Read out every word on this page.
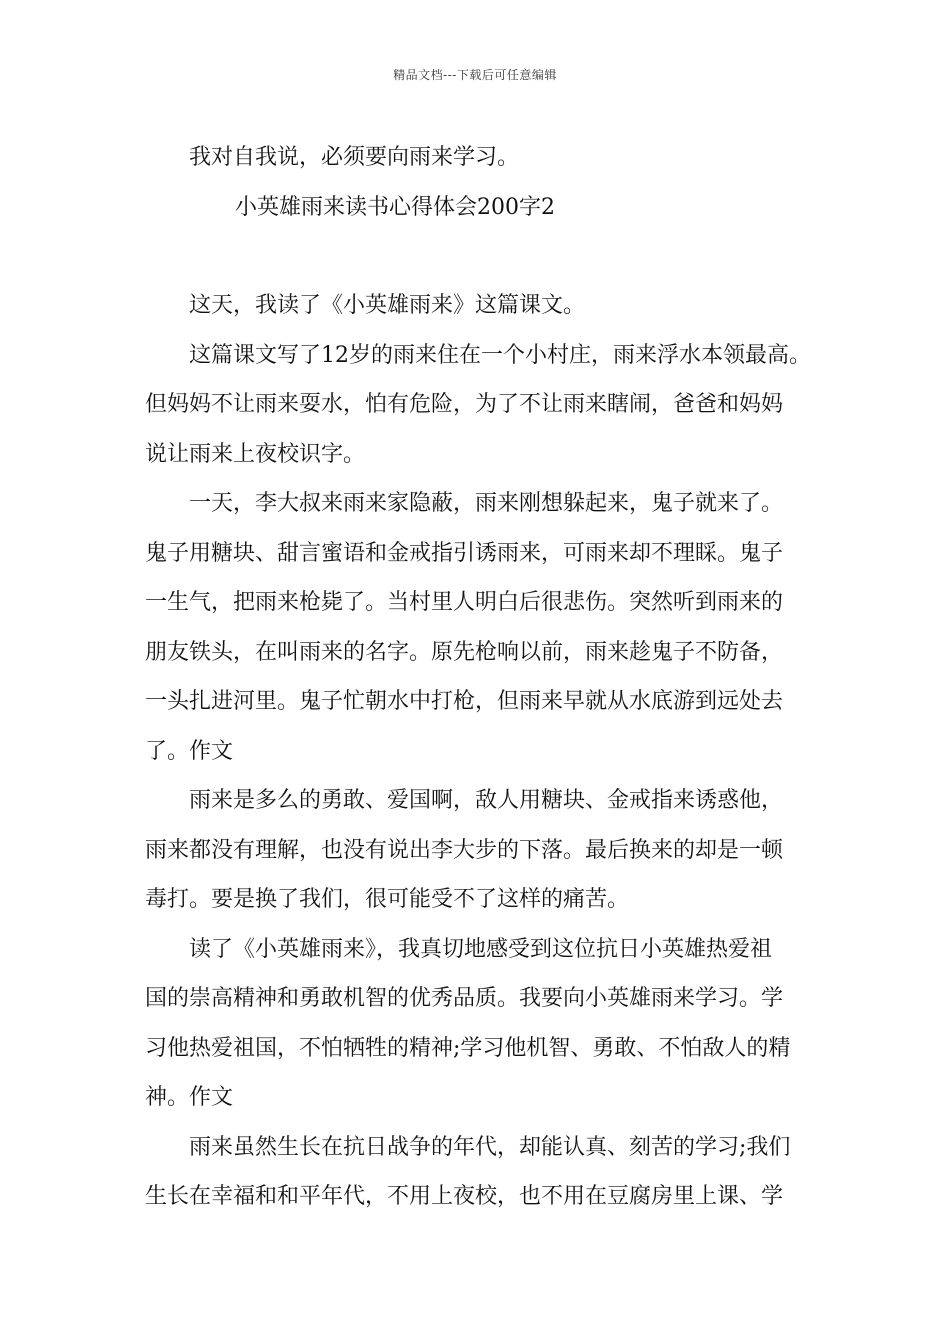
精品文档---下载后可任意编辑
我对自我说，必须要向雨来学习。
小英雄雨来读书心得体会200字2
这天，我读了《小英雄雨来》这篇课文。
这篇课文写了12岁的雨来住在一个小村庄，雨来浮水本领最高。
但妈妈不让雨来耍水，怕有危险，为了不让雨来瞎闹，爸爸和妈妈
说让雨来上夜校识字。
一天，李大叔来雨来家隐蔽，雨来刚想躲起来，鬼子就来了。
鬼子用糖块、甜言蜜语和金戒指引诱雨来，可雨来却不理睬。鬼子
一生气，把雨来枪毙了。当村里人明白后很悲伤。突然听到雨来的
朋友铁头，在叫雨来的名字。原先枪响以前，雨来趁鬼子不防备，
一头扎进河里。鬼子忙朝水中打枪，但雨来早就从水底游到远处去
了。作文
雨来是多么的勇敢、爱国啊，敌人用糖块、金戒指来诱惑他，
雨来都没有理解，也没有说出李大步的下落。最后换来的却是一顿
毒打。要是换了我们，很可能受不了这样的痛苦。
读了《小英雄雨来》，我真切地感受到这位抗日小英雄热爱祖
国的崇高精神和勇敢机智的优秀品质。我要向小英雄雨来学习。学
习他热爱祖国，不怕牺牲的精神;学习他机智、勇敢、不怕敌人的精
神。作文
雨来虽然生长在抗日战争的年代，却能认真、刻苦的学习;我们
生长在幸福和和平年代，不用上夜校，也不用在豆腐房里上课、学
